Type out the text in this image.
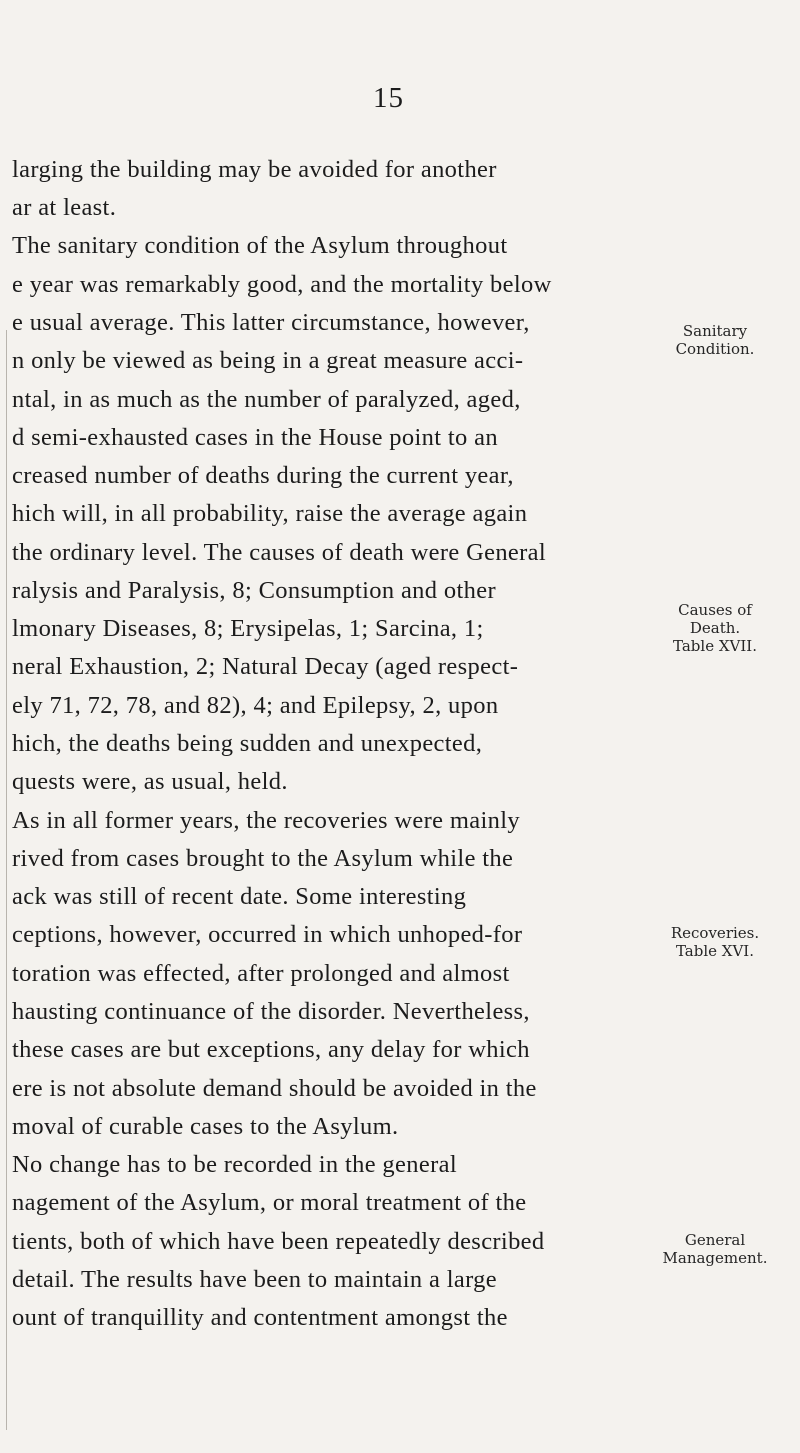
15
larging the building may be avoided for another
ar at least.
The sanitary condition of the Asylum throughout
e year was remarkably good, and the mortality below
e usual average. This latter circumstance, however,
n only be viewed as being in a great measure acci-
ntal, in as much as the number of paralyzed, aged,
d semi-exhausted cases in the House point to an
creased number of deaths during the current year,
hich will, in all probability, raise the average again
the ordinary level. The causes of death were General
ralysis and Paralysis, 8; Consumption and other
lmonary Diseases, 8; Erysipelas, 1; Sarcina, 1;
neral Exhaustion, 2; Natural Decay (aged respect-
ely 71, 72, 78, and 82), 4; and Epilepsy, 2, upon
hich, the deaths being sudden and unexpected,
quests were, as usual, held.
As in all former years, the recoveries were mainly
rived from cases brought to the Asylum while the
ack was still of recent date. Some interesting
ceptions, however, occurred in which unhoped-for
toration was effected, after prolonged and almost
hausting continuance of the disorder. Nevertheless,
these cases are but exceptions, any delay for which
ere is not absolute demand should be avoided in the
moval of curable cases to the Asylum.
No change has to be recorded in the general
nagement of the Asylum, or moral treatment of the
tients, both of which have been repeatedly described
detail. The results have been to maintain a large
ount of tranquillity and contentment amongst the
Sanitary
Condition.
Causes of
Death.
Table XVII.
Recoveries.
Table XVI.
General
Management.
